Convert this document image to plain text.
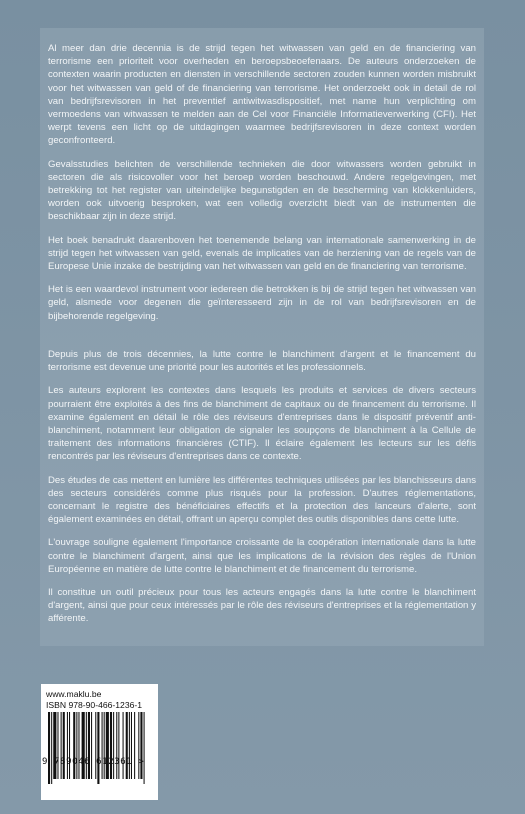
Al meer dan drie decennia is de strijd tegen het witwassen van geld en de financiering van terrorisme een prioriteit voor overheden en beroepsbeoefenaars. De auteurs onderzoeken de contexten waarin producten en diensten in verschillende sectoren zouden kunnen worden misbruikt voor het witwassen van geld of de financiering van terrorisme. Het onderzoekt ook in detail de rol van bedrijfsrevisoren in het preventief antiwitwasdispositief, met name hun verplichting om vermoedens van witwassen te melden aan de Cel voor Financiële Informatieverwerking (CFI). Het werpt tevens een licht op de uitdagingen waarmee bedrijfsrevisoren in deze context worden geconfronteerd.

Gevalsstudies belichten de verschillende technieken die door witwassers worden gebruikt in sectoren die als risicovoller voor het beroep worden beschouwd. Andere regelgevingen, met betrekking tot het register van uiteindelijke begunstigden en de bescherming van klokkenluiders, worden ook uitvoerig besproken, wat een volledig overzicht biedt van de instrumenten die beschikbaar zijn in deze strijd.

Het boek benadrukt daarenboven het toenemende belang van internationale samenwerking in de strijd tegen het witwassen van geld, evenals de implicaties van de herziening van de regels van de Europese Unie inzake de bestrijding van het witwassen van geld en de financiering van terrorisme.

Het is een waardevol instrument voor iedereen die betrokken is bij de strijd tegen het witwassen van geld, alsmede voor degenen die geïnteresseerd zijn in de rol van bedrijfsrevisoren en de bijbehorende regelgeving.

Depuis plus de trois décennies, la lutte contre le blanchiment d'argent et le financement du terrorisme est devenue une priorité pour les autorités et les professionnels.

Les auteurs explorent les contextes dans lesquels les produits et services de divers secteurs pourraient être exploités à des fins de blanchiment de capitaux ou de financement du terrorisme. Il examine également en détail le rôle des réviseurs d'entreprises dans le dispositif préventif anti-blanchiment, notamment leur obligation de signaler les soupçons de blanchiment à la Cellule de traitement des informations financières (CTIF). Il éclaire également les lecteurs sur les défis rencontrés par les réviseurs d'entreprises dans ce contexte.

Des études de cas mettent en lumière les différentes techniques utilisées par les blanchisseurs dans des secteurs considérés comme plus risqués pour la profession. D'autres réglementations, concernant le registre des bénéficiaires effectifs et la protection des lanceurs d'alerte, sont également examinées en détail, offrant un aperçu complet des outils disponibles dans cette lutte.

L'ouvrage souligne également l'importance croissante de la coopération internationale dans la lutte contre le blanchiment d'argent, ainsi que les implications de la révision des règles de l'Union Européenne en matière de lutte contre le blanchiment et de financement du terrorisme.

Il constitue un outil précieux pour tous les acteurs engagés dans la lutte contre le blanchiment d'argent, ainsi que pour ceux intéressés par le rôle des réviseurs d'entreprises et la réglementation y afférente.

www.maklu.be
ISBN 978-90-466-1236-1
9 789046 612361 >
